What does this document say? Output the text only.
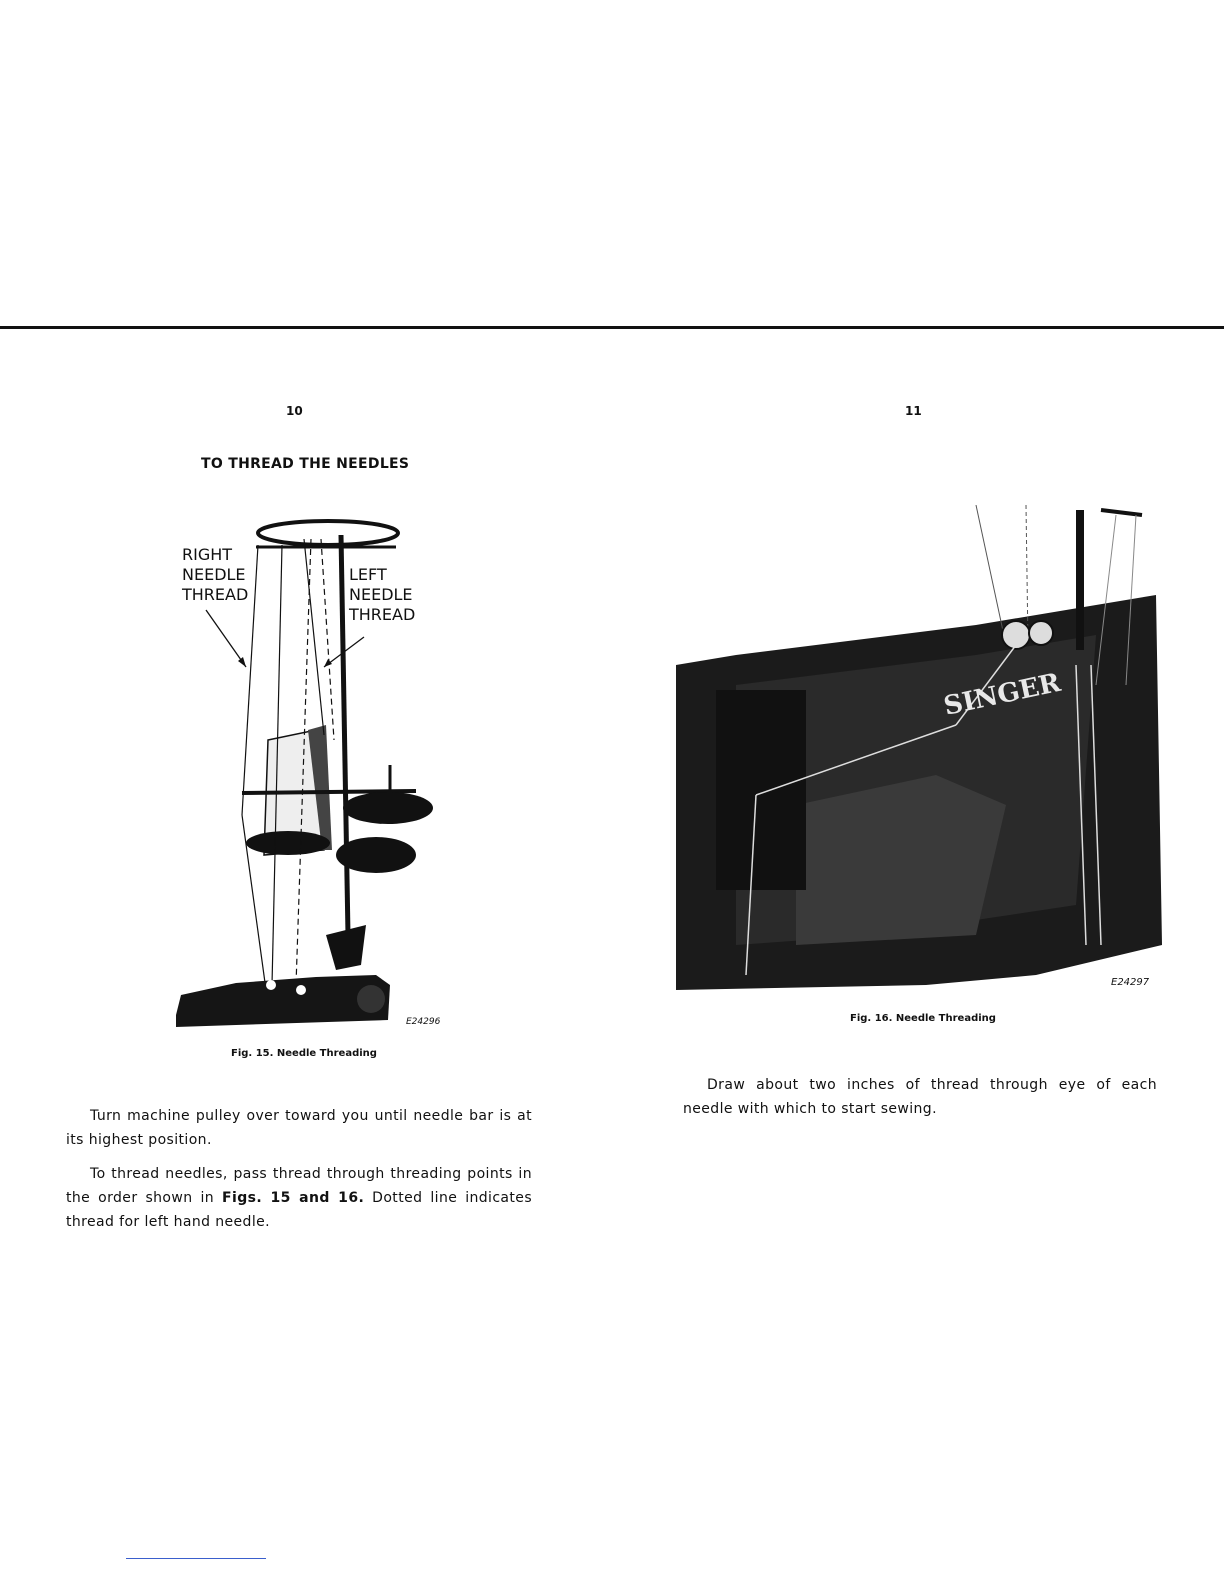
10
TO THREAD THE NEEDLES
RIGHT
NEEDLE
THREAD
LEFT
NEEDLE
THREAD
E24296
Fig. 15. Needle Threading

Turn machine pulley over toward you until needle bar is at its highest position.

To thread needles, pass thread through threading points in the order shown in Figs. 15 and 16. Dotted line indicates thread for left hand needle.

11
SINGER
E24297
Fig. 16. Needle Threading

Draw about two inches of thread through eye of each needle with which to start sewing.
